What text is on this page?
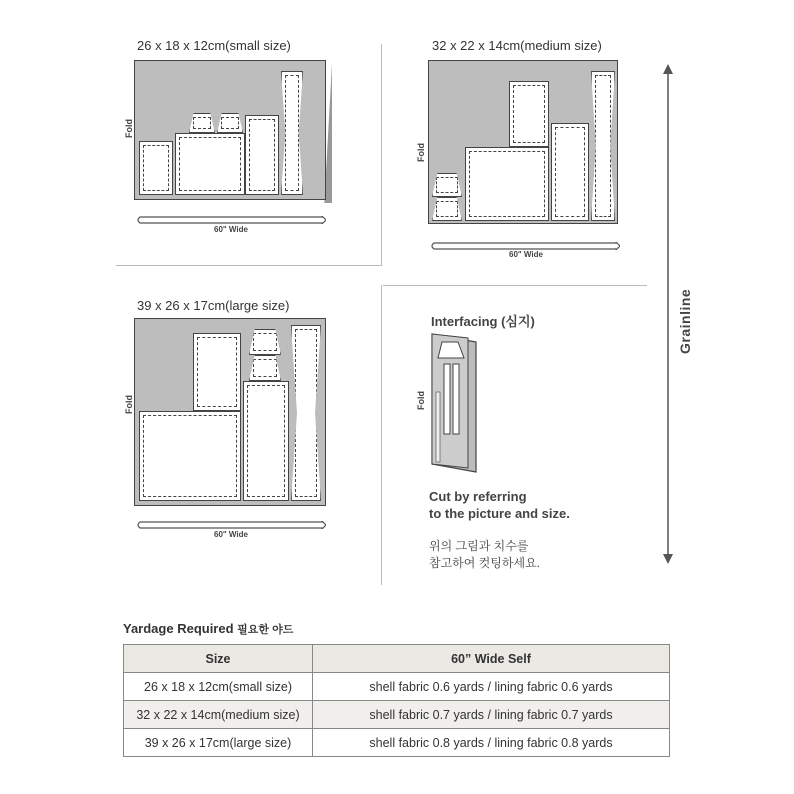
26 x 18 x 12cm(small size)
Fold
60" Wide
32 x 22 x 14cm(medium size)
Fold
60" Wide
39 x 26 x 17cm(large size)
Fold
60" Wide
Interfacing (심지)
Fold
Cut by referring
to the picture and size.
위의 그림과 치수를
참고하여 컷팅하세요.
Grainline
Yardage Required 필요한 야드
Size	60” Wide Self
26 x 18 x 12cm(small size)	shell fabric 0.6 yards / lining fabric 0.6 yards
32 x 22 x 14cm(medium size)	shell fabric 0.7 yards / lining fabric 0.7 yards
39 x 26 x 17cm(large size)	shell fabric 0.8 yards / lining fabric 0.8 yards
